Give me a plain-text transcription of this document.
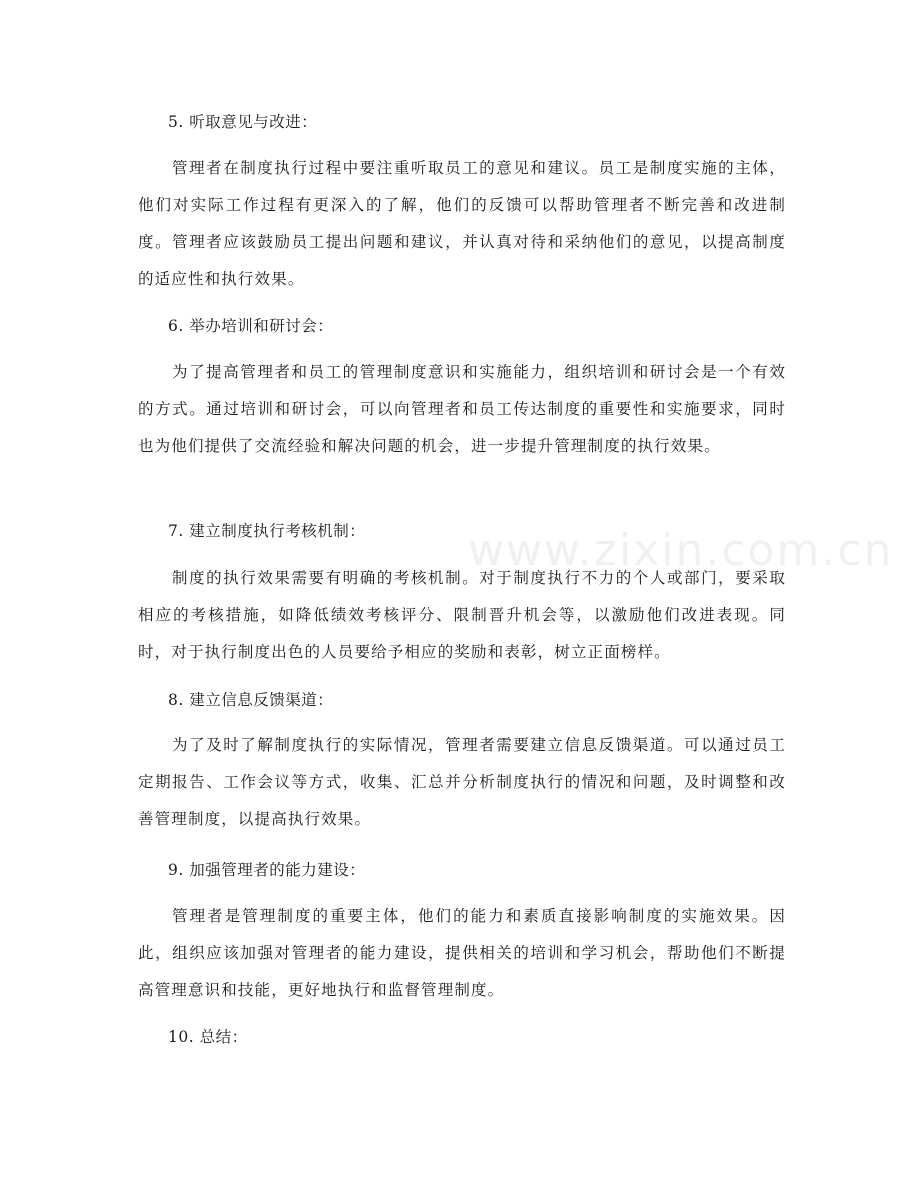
www.zixin.com.cn
5. 听取意见与改进：

管理者在制度执行过程中要注重听取员工的意见和建议。员工是制度实施的主体，他们对实际工作过程有更深入的了解，他们的反馈可以帮助管理者不断完善和改进制度。管理者应该鼓励员工提出问题和建议，并认真对待和采纳他们的意见，以提高制度的适应性和执行效果。

6. 举办培训和研讨会：

为了提高管理者和员工的管理制度意识和实施能力，组织培训和研讨会是一个有效的方式。通过培训和研讨会，可以向管理者和员工传达制度的重要性和实施要求，同时也为他们提供了交流经验和解决问题的机会，进一步提升管理制度的执行效果。

7. 建立制度执行考核机制：

制度的执行效果需要有明确的考核机制。对于制度执行不力的个人或部门，要采取相应的考核措施，如降低绩效考核评分、限制晋升机会等，以激励他们改进表现。同时，对于执行制度出色的人员要给予相应的奖励和表彰，树立正面榜样。

8. 建立信息反馈渠道：

为了及时了解制度执行的实际情况，管理者需要建立信息反馈渠道。可以通过员工定期报告、工作会议等方式，收集、汇总并分析制度执行的情况和问题，及时调整和改善管理制度，以提高执行效果。

9. 加强管理者的能力建设：

管理者是管理制度的重要主体，他们的能力和素质直接影响制度的实施效果。因此，组织应该加强对管理者的能力建设，提供相关的培训和学习机会，帮助他们不断提高管理意识和技能，更好地执行和监督管理制度。

10. 总结：
